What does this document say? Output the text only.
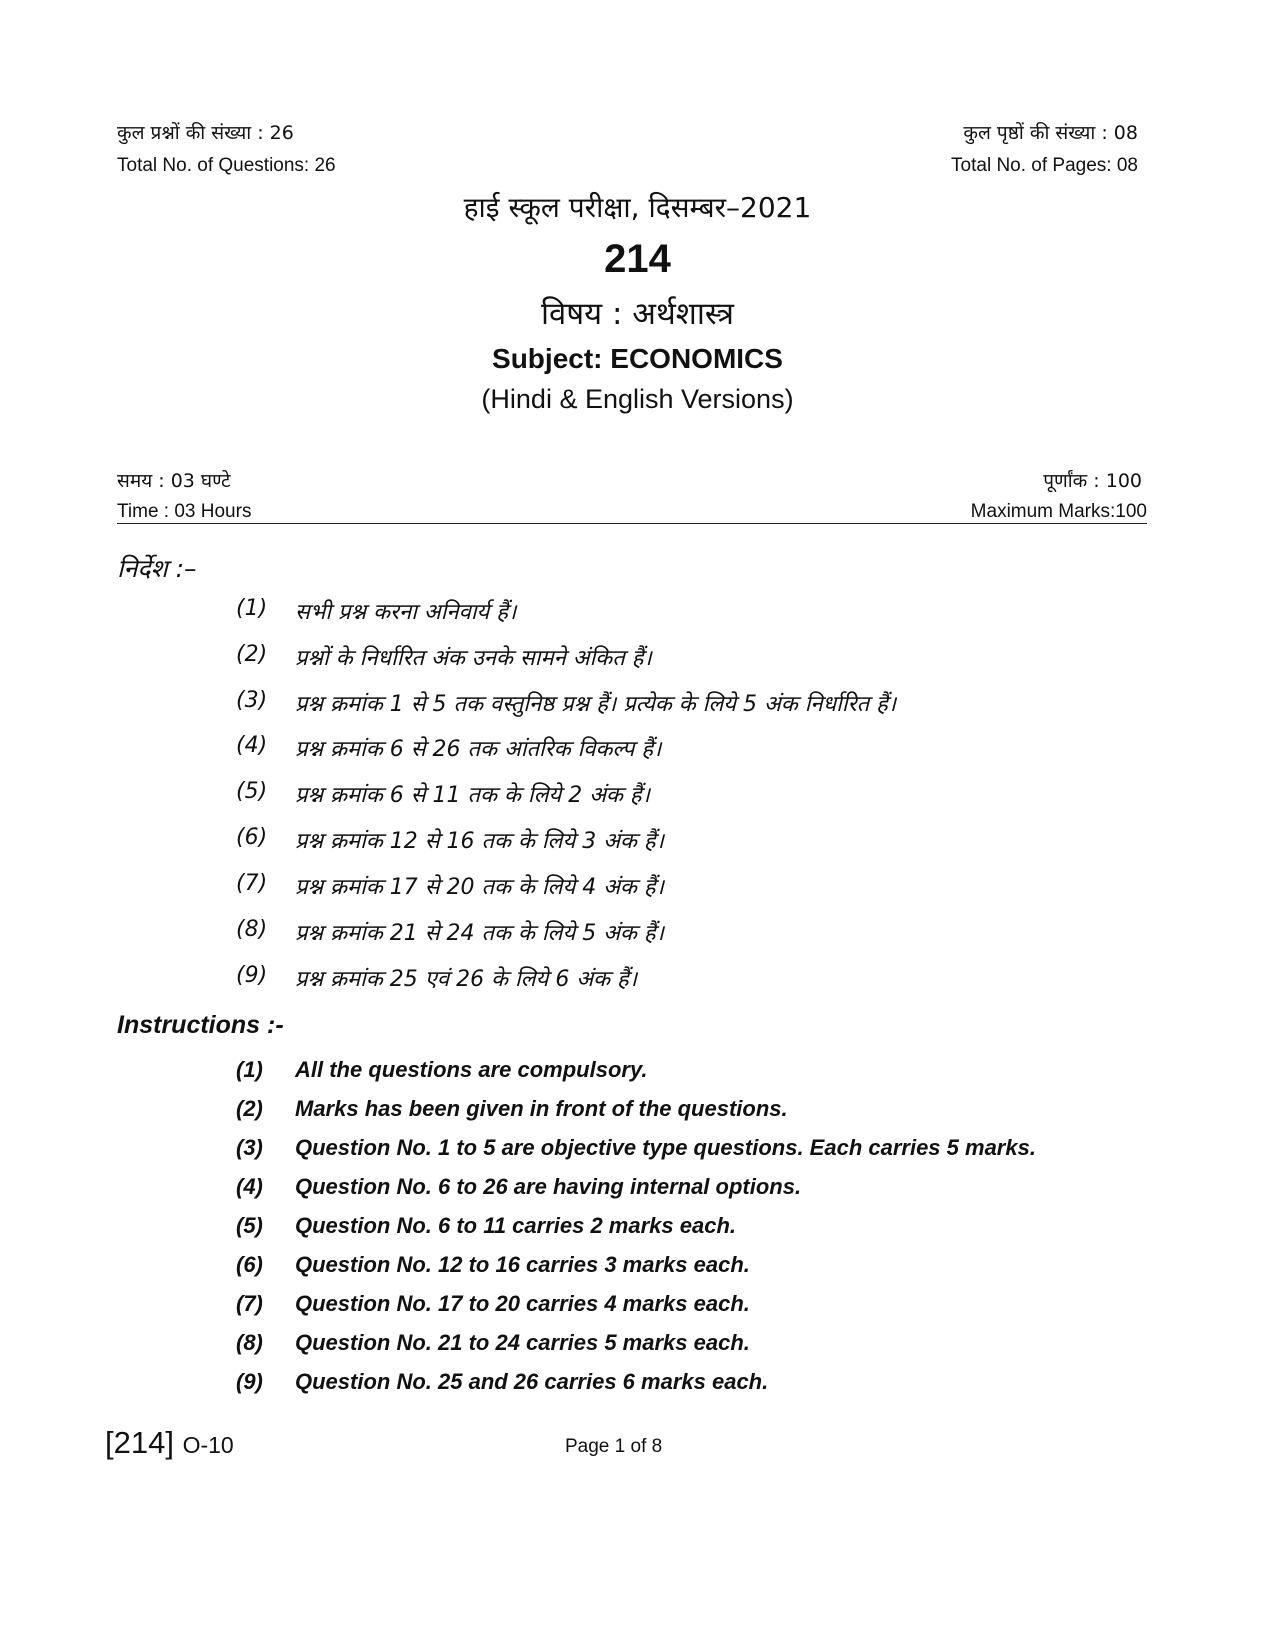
कुल प्रश्नों की संख्या : 26
Total No. of Questions: 26
कुल पृष्ठों की संख्या : 08
Total No. of Pages: 08
हाई स्कूल परीक्षा, दिसम्बर–2021
214
विषय : अर्थशास्त्र
Subject: ECONOMICS
(Hindi & English Versions)
समय : 03 घण्टे
Time : 03 Hours
पूर्णांक : 100
Maximum Marks:100
निर्देश :–
(1)	सभी प्रश्न करना अनिवार्य हैं।
(2)	प्रश्नों के निर्धारित अंक उनके सामने अंकित हैं।
(3)	प्रश्न क्रमांक 1 से 5 तक वस्तुनिष्ठ प्रश्न हैं। प्रत्येक के लिये 5 अंक निर्धारित हैं।
(4)	प्रश्न क्रमांक 6 से 26 तक आंतरिक विकल्प हैं।
(5)	प्रश्न क्रमांक 6 से 11 तक के लिये 2 अंक हैं।
(6)	प्रश्न क्रमांक 12 से 16 तक के लिये 3 अंक हैं।
(7)	प्रश्न क्रमांक 17 से 20 तक के लिये 4 अंक हैं।
(8)	प्रश्न क्रमांक 21 से 24 तक के लिये 5 अंक हैं।
(9)	प्रश्न क्रमांक 25 एवं 26 के लिये 6 अंक हैं।
Instructions :-
(1)	All the questions are compulsory.
(2)	Marks has been given in front of the questions.
(3)	Question No. 1 to 5 are objective type questions. Each carries 5 marks.
(4)	Question No. 6 to 26 are having internal options.
(5)	Question No. 6 to 11 carries 2 marks each.
(6)	Question No. 12 to 16 carries 3 marks each.
(7)	Question No. 17 to 20 carries 4 marks each.
(8)	Question No. 21 to 24 carries 5 marks each.
(9)	Question No. 25 and 26 carries 6 marks each.
[214] O-10	Page 1 of 8
